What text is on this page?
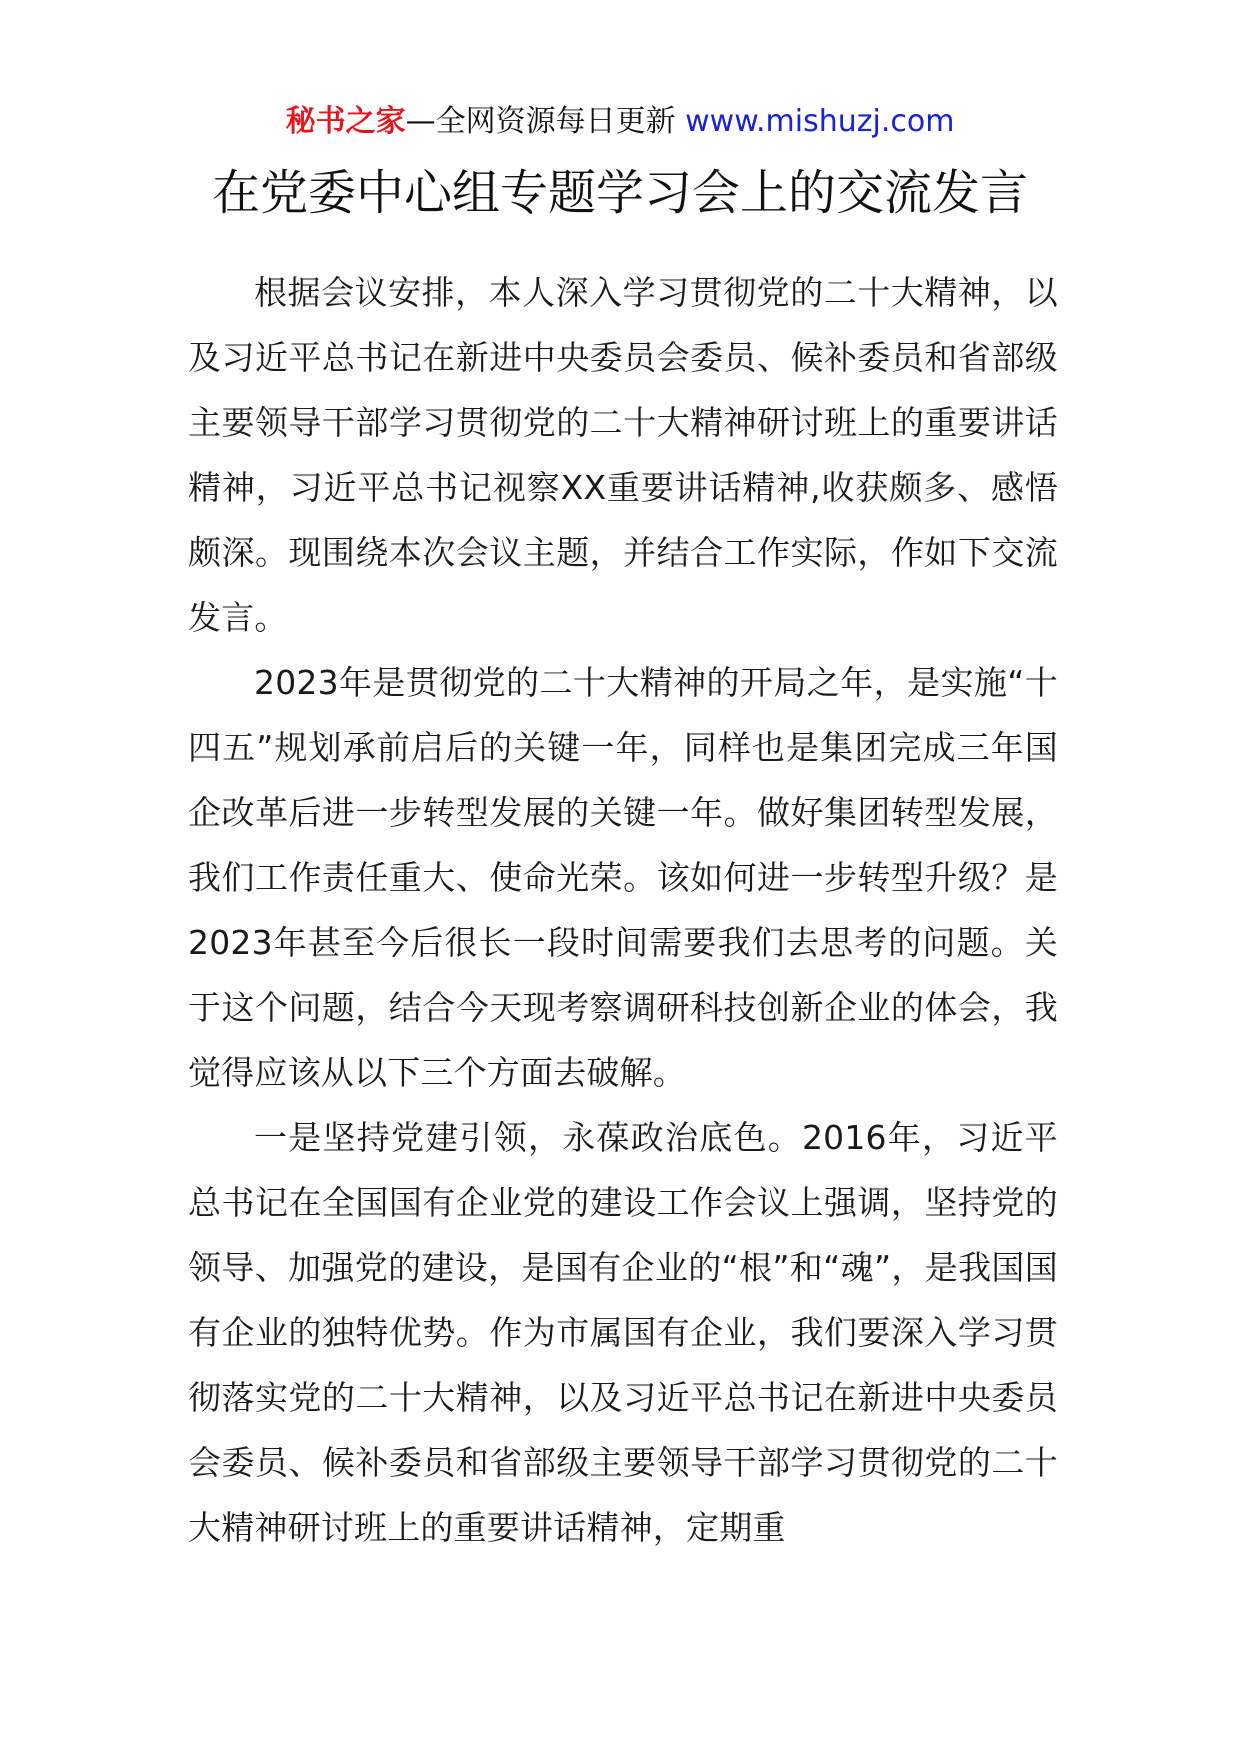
秘书之家—全网资源每日更新 www.mishuzj.com
在党委中心组专题学习会上的交流发言

根据会议安排，本人深入学习贯彻党的二十大精神，以及习近平总书记在新进中央委员会委员、候补委员和省部级主要领导干部学习贯彻党的二十大精神研讨班上的重要讲话精神，习近平总书记视察XX重要讲话精神,收获颇多、感悟颇深。现围绕本次会议主题，并结合工作实际，作如下交流发言。

2023年是贯彻党的二十大精神的开局之年，是实施“十四五”规划承前启后的关键一年，同样也是集团完成三年国企改革后进一步转型发展的关键一年。做好集团转型发展，我们工作责任重大、使命光荣。该如何进一步转型升级？是2023年甚至今后很长一段时间需要我们去思考的问题。关于这个问题，结合今天现考察调研科技创新企业的体会，我觉得应该从以下三个方面去破解。

一是坚持党建引领，永葆政治底色。2016年，习近平总书记在全国国有企业党的建设工作会议上强调，坚持党的领导、加强党的建设，是国有企业的“根”和“魂”，是我国国有企业的独特优势。作为市属国有企业，我们要深入学习贯彻落实党的二十大精神，以及习近平总书记在新进中央委员会委员、候补委员和省部级主要领导干部学习贯彻党的二十大精神研讨班上的重要讲话精神，定期重
